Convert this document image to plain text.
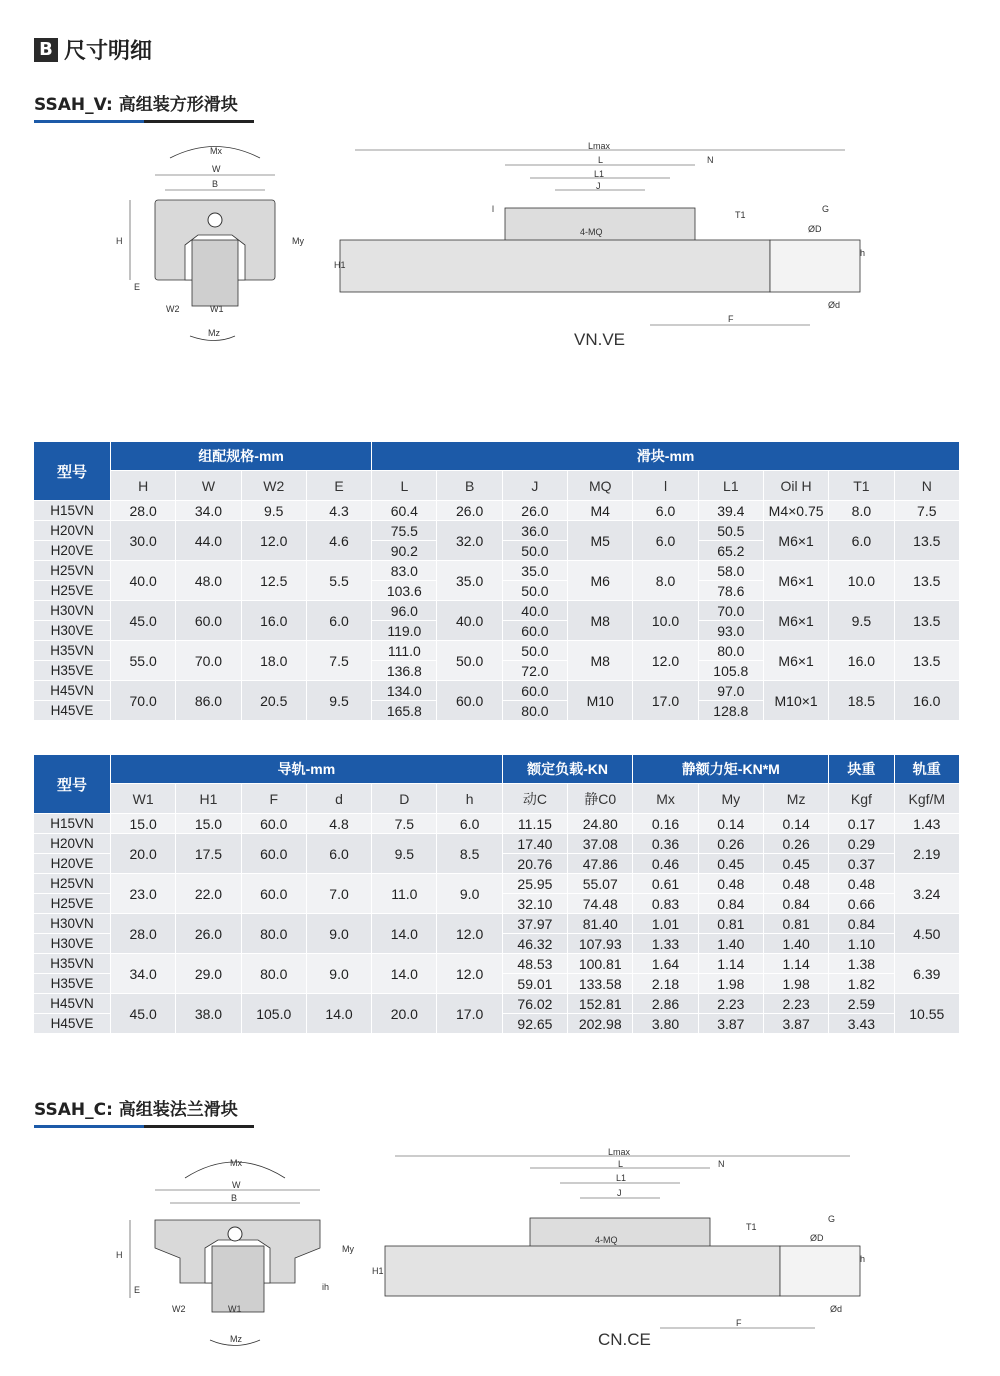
B 尺寸明细
SSAH_V: 高组装方形滑块
Mx
W
B
H
E
My
W2	W1
Mz
Lmax
L	N
L1
J
4-MQ
T1
H1
l	G
ØD
h
Ød
F
VN.VE
型号	组配规格-mm				滑块-mm								
	H	W	W2	E	L	B	J	MQ	l	L1	Oil H	T1	N
H15VN	28.0	34.0	9.5	4.3	60.4	26.0	26.0	M4	6.0	39.4	M4×0.75	8.0	7.5
H20VN	30.0	44.0	12.0	4.6	75.5	32.0	36.0	M5	6.0	50.5	M6×1	6.0	13.5
H20VE					90.2		50.0			65.2			
H25VN	40.0	48.0	12.5	5.5	83.0	35.0	35.0	M6	8.0	58.0	M6×1	10.0	13.5
H25VE					103.6		50.0			78.6			
H30VN	45.0	60.0	16.0	6.0	96.0	40.0	40.0	M8	10.0	70.0	M6×1	9.5	13.5
H30VE					119.0		60.0			93.0			
H35VN	55.0	70.0	18.0	7.5	111.0	50.0	50.0	M8	12.0	80.0	M6×1	16.0	13.5
H35VE					136.8		72.0			105.8			
H45VN	70.0	86.0	20.5	9.5	134.0	60.0	60.0	M10	17.0	97.0	M10×1	18.5	16.0
H45VE					165.8		80.0			128.8			
型号	导轨-mm						额定负载-KN		静额力矩-KN*M			块重	轨重
	W1	H1	F	d	D	h	动C	静C0	Mx	My	Mz	Kgf	Kgf/M
H15VN	15.0	15.0	60.0	4.8	7.5	6.0	11.15	24.80	0.16	0.14	0.14	0.17	1.43
H20VN	20.0	17.5	60.0	6.0	9.5	8.5	17.40	37.08	0.36	0.26	0.26	0.29	2.19
H20VE							20.76	47.86	0.46	0.45	0.45	0.37	
H25VN	23.0	22.0	60.0	7.0	11.0	9.0	25.95	55.07	0.61	0.48	0.48	0.48	3.24
H25VE							32.10	74.48	0.83	0.84	0.84	0.66	
H30VN	28.0	26.0	80.0	9.0	14.0	12.0	37.97	81.40	1.01	0.81	0.81	0.84	4.50
H30VE							46.32	107.93	1.33	1.40	1.40	1.10	
H35VN	34.0	29.0	80.0	9.0	14.0	12.0	48.53	100.81	1.64	1.14	1.14	1.38	6.39
H35VE							59.01	133.58	2.18	1.98	1.98	1.82	
H45VN	45.0	38.0	105.0	14.0	20.0	17.0	76.02	152.81	2.86	2.23	2.23	2.59	10.55
H45VE							92.65	202.98	3.80	3.87	3.87	3.43	
SSAH_C: 高组装法兰滑块
Mx
W
B
H
E
My
ih
W2	W1
Mz
Lmax
L	N
L1
J
4-MQ
T1
H1
G
ØD
h
Ød
F
CN.CE
